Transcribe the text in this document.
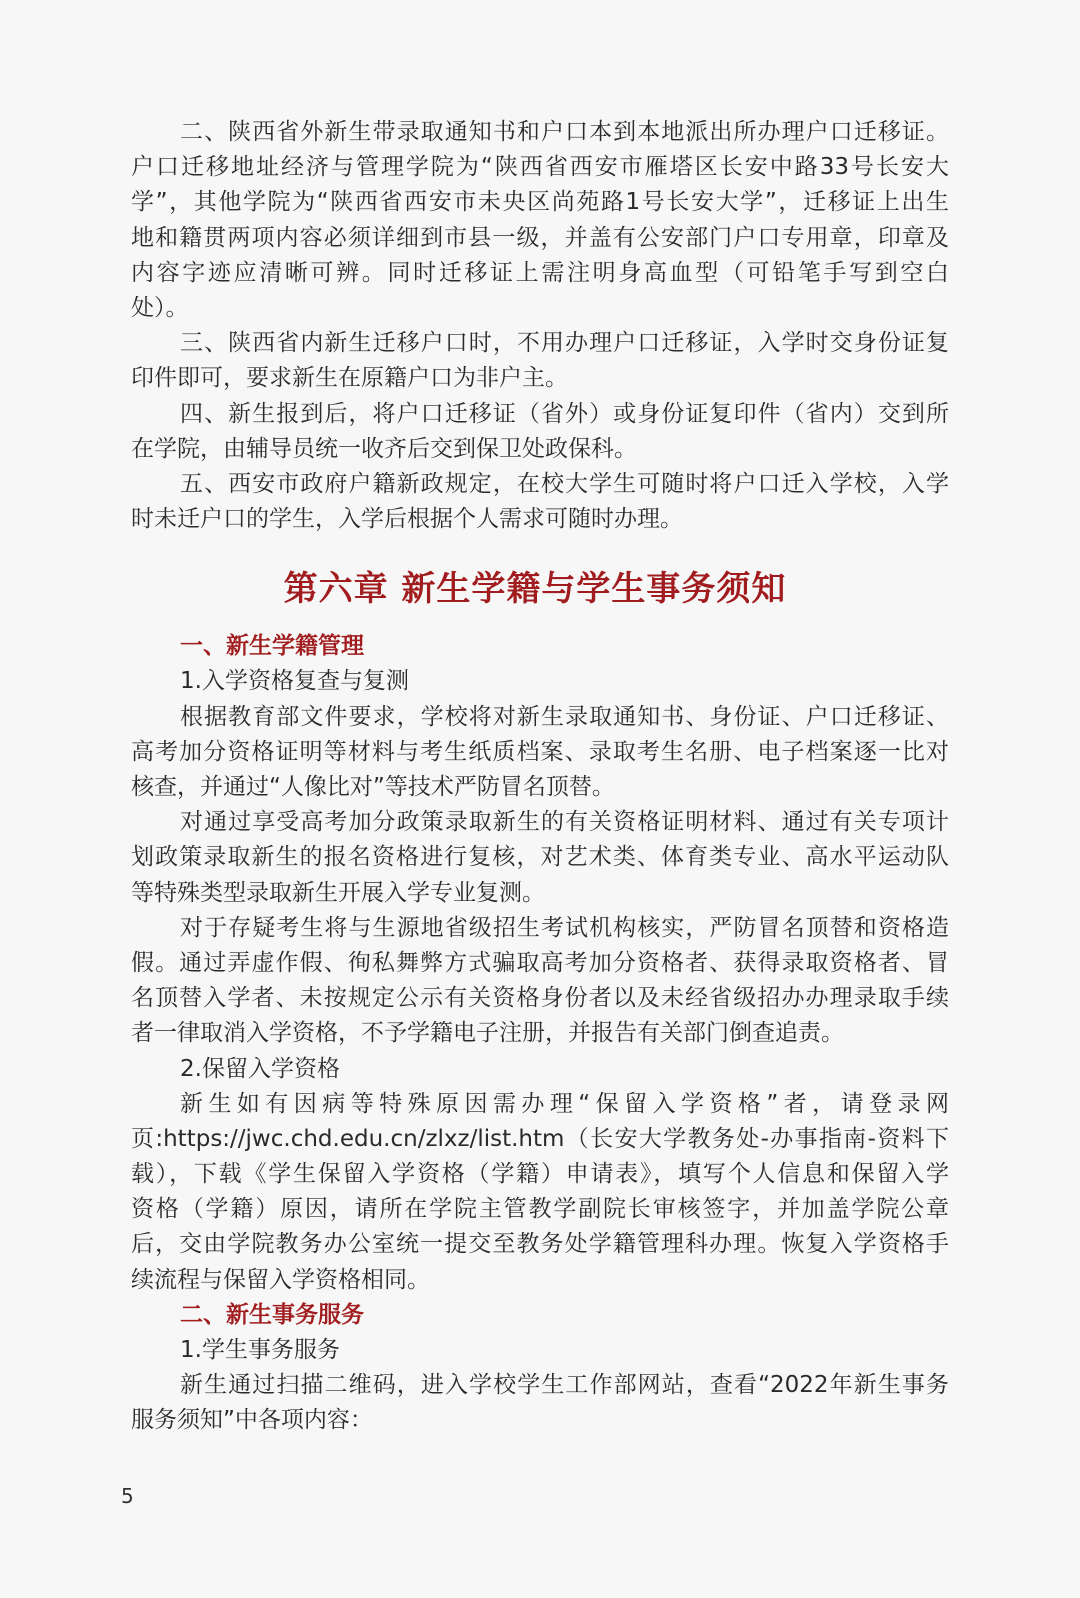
二、陕西省外新生带录取通知书和户口本到本地派出所办理户口迁移证。
户口迁移地址经济与管理学院为“陕西省西安市雁塔区长安中路33号长安大
学”，其他学院为“陕西省西安市未央区尚苑路1号长安大学”，迁移证上出生
地和籍贯两项内容必须详细到市县一级，并盖有公安部门户口专用章，印章及
内容字迹应清晰可辨。同时迁移证上需注明身高血型（可铅笔手写到空白
处）。
三、陕西省内新生迁移户口时，不用办理户口迁移证，入学时交身份证复
印件即可，要求新生在原籍户口为非户主。
四、新生报到后，将户口迁移证（省外）或身份证复印件（省内）交到所
在学院，由辅导员统一收齐后交到保卫处政保科。
五、西安市政府户籍新政规定，在校大学生可随时将户口迁入学校，入学
时未迁户口的学生，入学后根据个人需求可随时办理。
第六章 新生学籍与学生事务须知
一、新生学籍管理
1.入学资格复查与复测
根据教育部文件要求，学校将对新生录取通知书、身份证、户口迁移证、
高考加分资格证明等材料与考生纸质档案、录取考生名册、电子档案逐一比对
核查，并通过“人像比对”等技术严防冒名顶替。
对通过享受高考加分政策录取新生的有关资格证明材料、通过有关专项计
划政策录取新生的报名资格进行复核，对艺术类、体育类专业、高水平运动队
等特殊类型录取新生开展入学专业复测。
对于存疑考生将与生源地省级招生考试机构核实，严防冒名顶替和资格造
假。通过弄虚作假、徇私舞弊方式骗取高考加分资格者、获得录取资格者、冒
名顶替入学者、未按规定公示有关资格身份者以及未经省级招办办理录取手续
者一律取消入学资格，不予学籍电子注册，并报告有关部门倒查追责。
2.保留入学资格
新生如有因病等特殊原因需办理“保留入学资格”者，请登录网
页:https://jwc.chd.edu.cn/zlxz/list.htm（长安大学教务处-办事指南-资料下
载），下载《学生保留入学资格（学籍）申请表》，填写个人信息和保留入学
资格（学籍）原因，请所在学院主管教学副院长审核签字，并加盖学院公章
后，交由学院教务办公室统一提交至教务处学籍管理科办理。恢复入学资格手
续流程与保留入学资格相同。
二、新生事务服务
1.学生事务服务
新生通过扫描二维码，进入学校学生工作部网站，查看“2022年新生事务
服务须知”中各项内容：
5
